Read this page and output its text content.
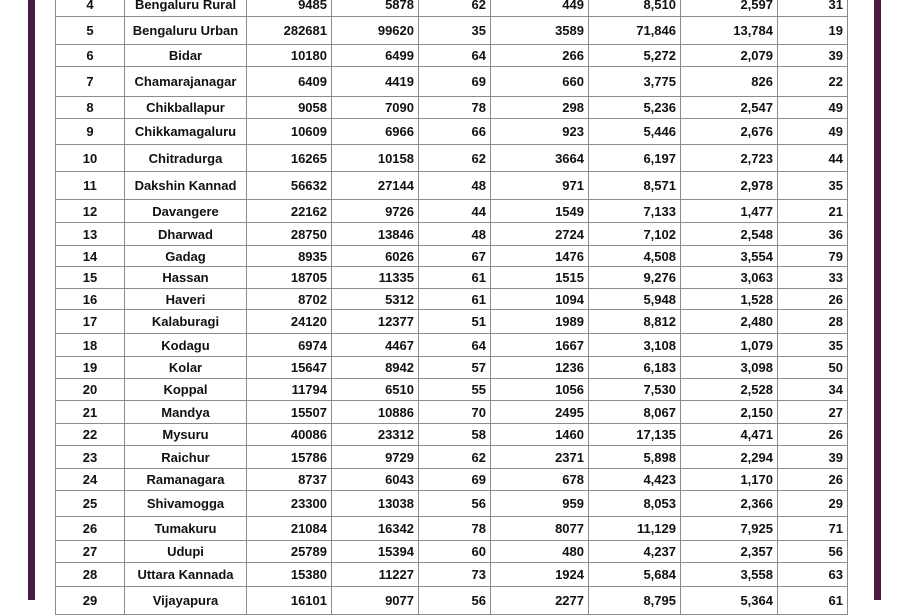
4	Bengaluru Rural	9485	5878	62	449	8,510	2,597	31
5	Bengaluru Urban	282681	99620	35	3589	71,846	13,784	19
6	Bidar	10180	6499	64	266	5,272	2,079	39
7	Chamarajanagar	6409	4419	69	660	3,775	826	22
8	Chikballapur	9058	7090	78	298	5,236	2,547	49
9	Chikkamagaluru	10609	6966	66	923	5,446	2,676	49
10	Chitradurga	16265	10158	62	3664	6,197	2,723	44
11	Dakshin Kannad	56632	27144	48	971	8,571	2,978	35
12	Davangere	22162	9726	44	1549	7,133	1,477	21
13	Dharwad	28750	13846	48	2724	7,102	2,548	36
14	Gadag	8935	6026	67	1476	4,508	3,554	79
15	Hassan	18705	11335	61	1515	9,276	3,063	33
16	Haveri	8702	5312	61	1094	5,948	1,528	26
17	Kalaburagi	24120	12377	51	1989	8,812	2,480	28
18	Kodagu	6974	4467	64	1667	3,108	1,079	35
19	Kolar	15647	8942	57	1236	6,183	3,098	50
20	Koppal	11794	6510	55	1056	7,530	2,528	34
21	Mandya	15507	10886	70	2495	8,067	2,150	27
22	Mysuru	40086	23312	58	1460	17,135	4,471	26
23	Raichur	15786	9729	62	2371	5,898	2,294	39
24	Ramanagara	8737	6043	69	678	4,423	1,170	26
25	Shivamogga	23300	13038	56	959	8,053	2,366	29
26	Tumakuru	21084	16342	78	8077	11,129	7,925	71
27	Udupi	25789	15394	60	480	4,237	2,357	56
28	Uttara Kannada	15380	11227	73	1924	5,684	3,558	63
29	Vijayapura	16101	9077	56	2277	8,795	5,364	61
